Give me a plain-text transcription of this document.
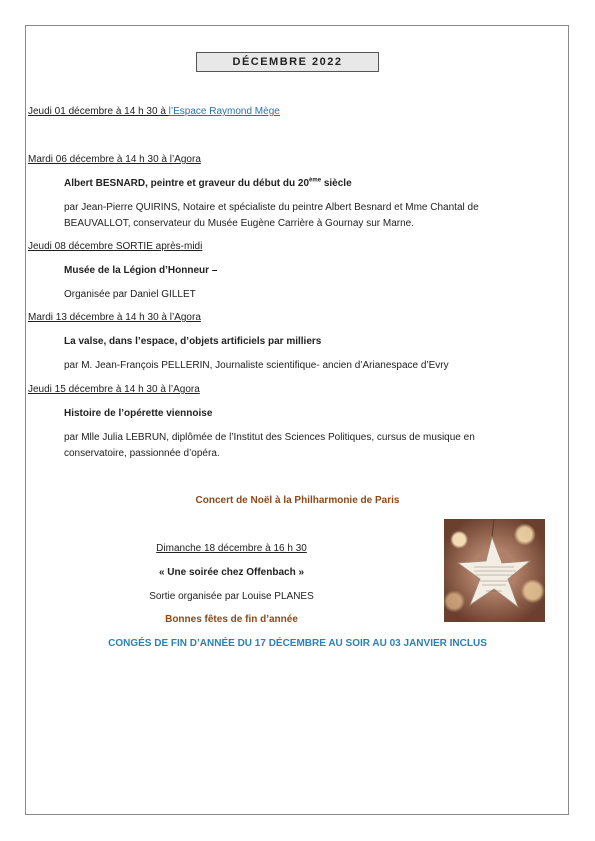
DÉCEMBRE 2022
Jeudi 01 décembre à 14 h 30 à l’Espace Raymond Mège
Mardi 06 décembre à 14 h 30 à l’Agora
Albert BESNARD, peintre et graveur du début du 20ème siècle
par Jean-Pierre QUIRINS, Notaire et spécialiste du peintre Albert Besnard et Mme Chantal de BEAUVALLOT, conservateur du Musée Eugène Carrière à Gournay sur Marne.
Jeudi 08 décembre SORTIE après-midi
Musée de la Légion d’Honneur –
Organisée par Daniel GILLET
Mardi 13 décembre à 14 h 30 à l’Agora
La valse, dans l’espace, d’objets artificiels par milliers
par M. Jean-François PELLERIN, Journaliste scientifique- ancien d’Arianespace d’Evry
Jeudi 15 décembre à 14 h 30 à l’Agora
Histoire de l’opérette viennoise
par Mlle Julia LEBRUN, diplômée de l’Institut des Sciences Politiques, cursus de musique en conservatoire, passionnée d’opéra.
Concert de Noël à la Philharmonie de Paris
Dimanche 18 décembre à 16 h 30
« Une soirée chez Offenbach »
Sortie organisée par Louise PLANES
Bonnes fêtes de fin d’année
CONGÉS DE FIN D’ANNÉE DU 17 DÉCEMBRE AU SOIR AU 03 JANVIER INCLUS
